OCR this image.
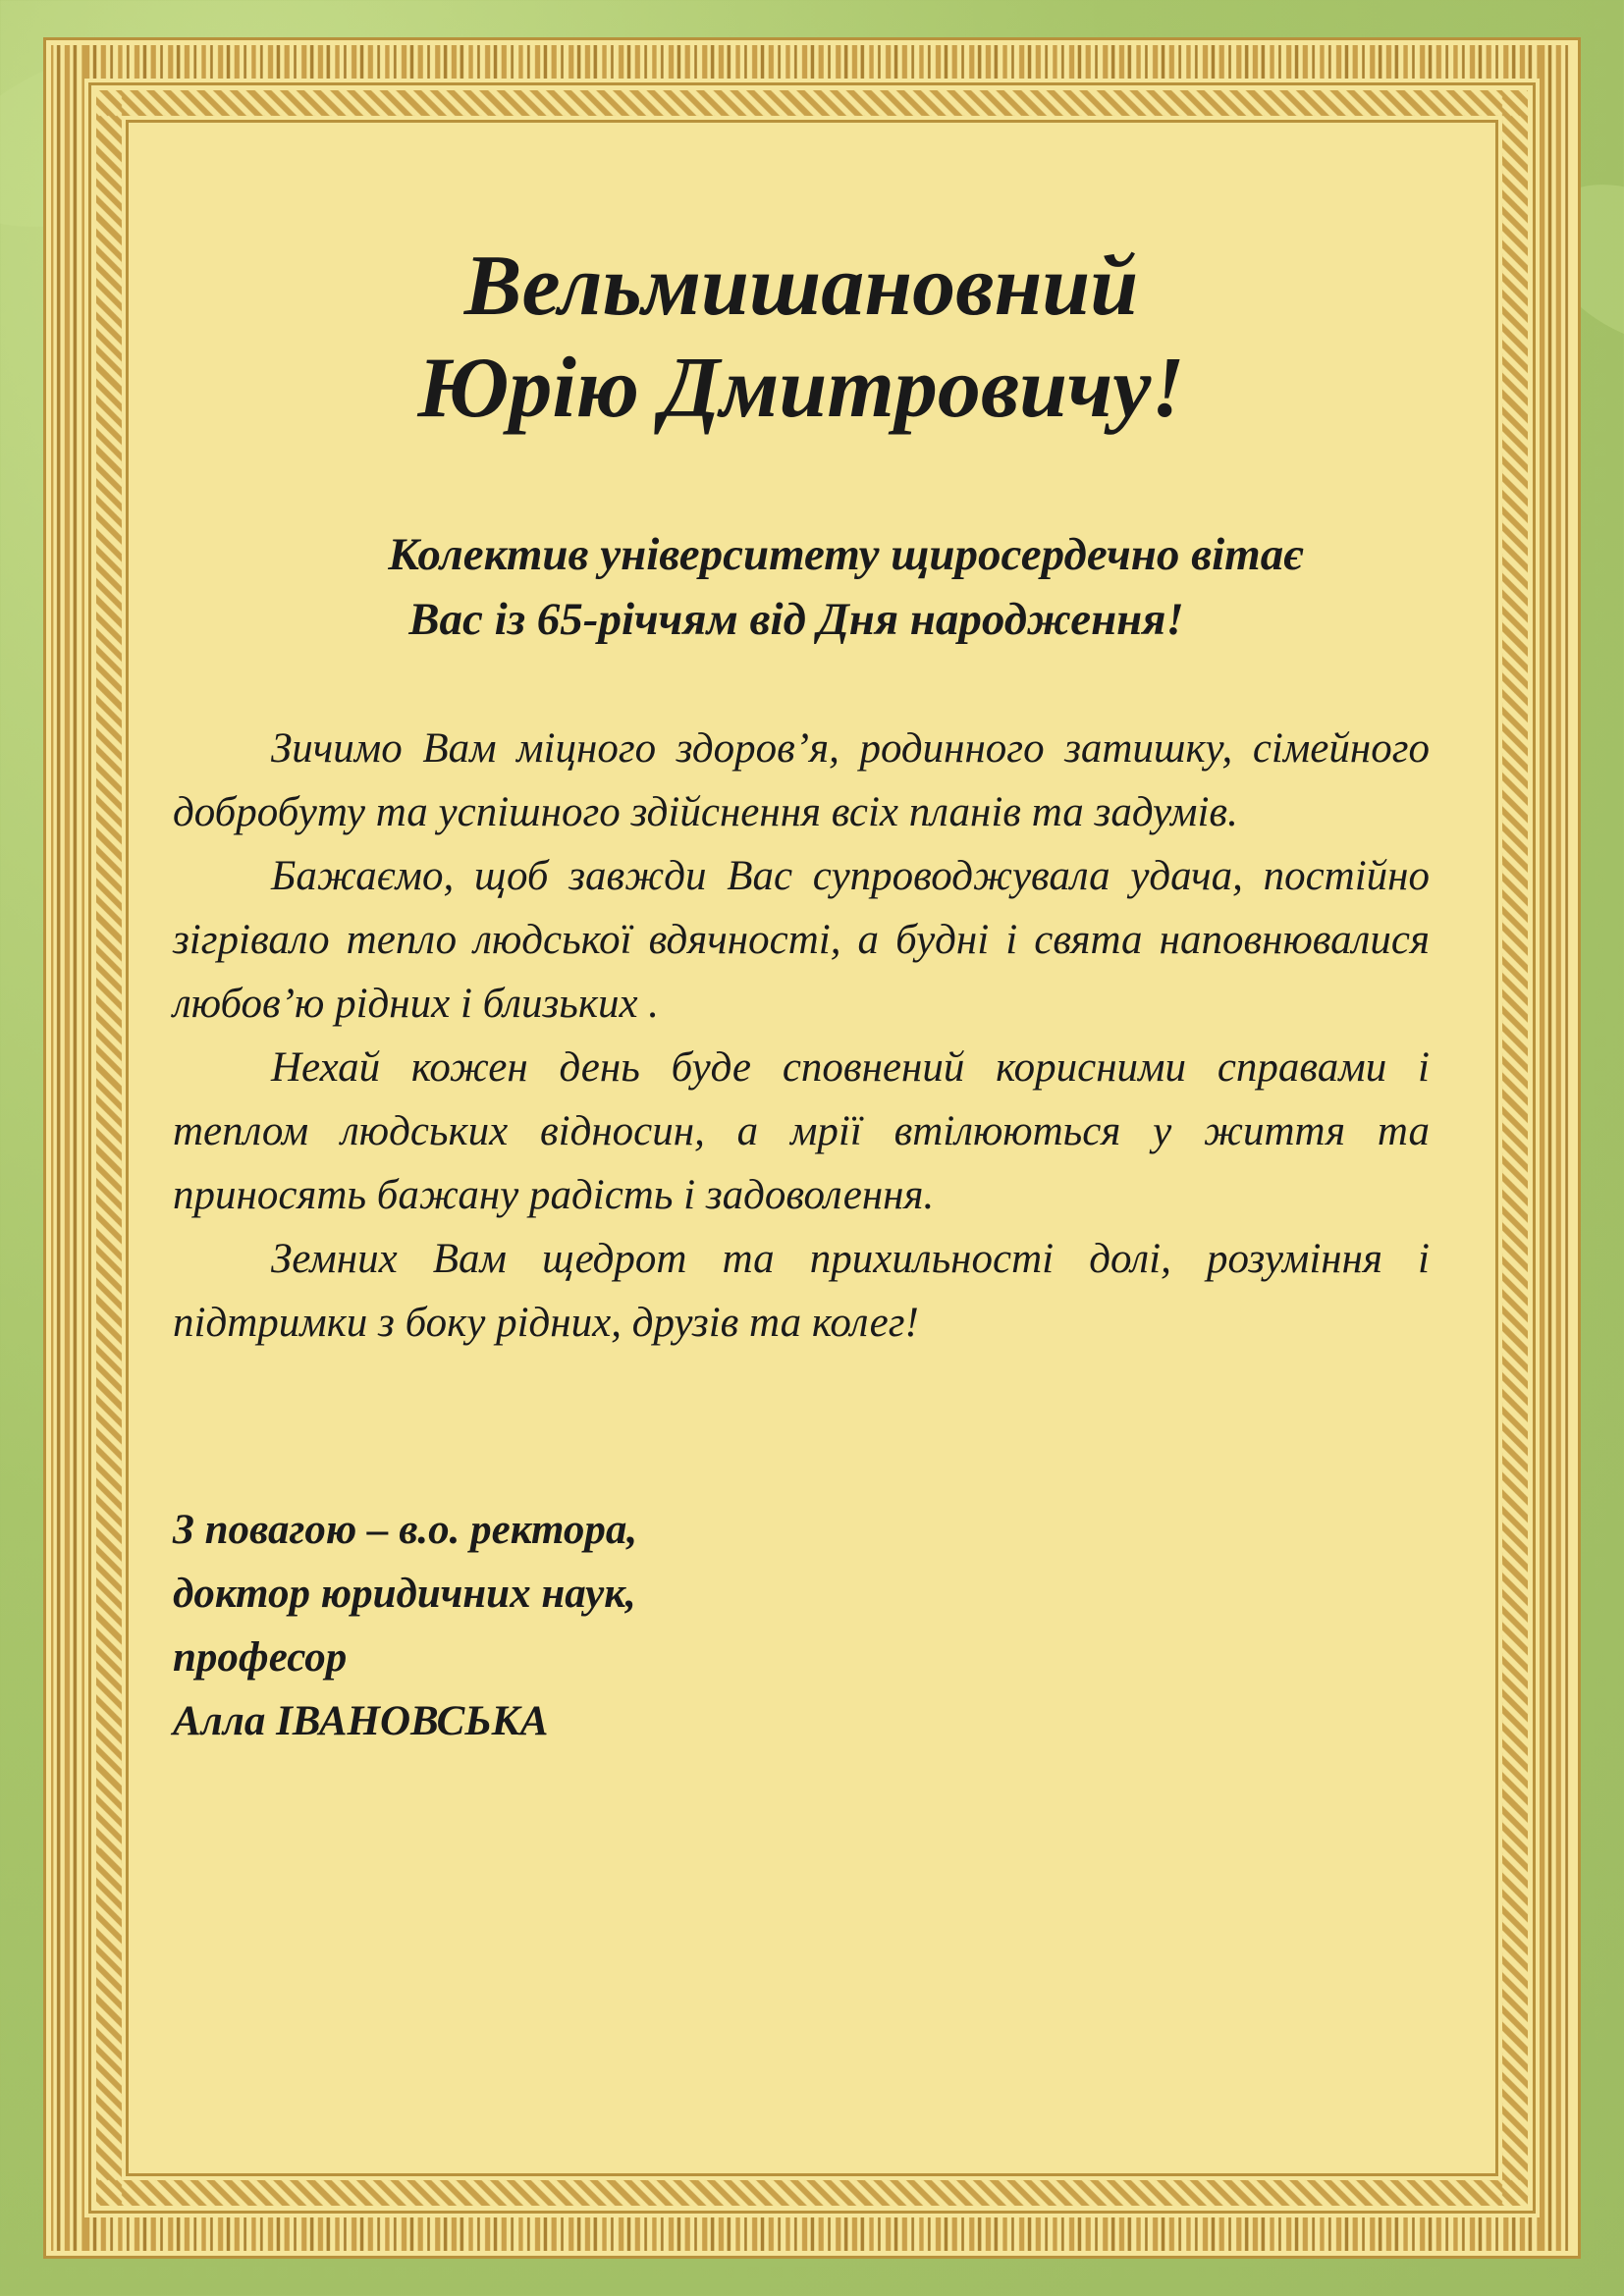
Вельмишановний
Юрію Дмитровичу!

Колектив університету щиросердечно вітає
Вас із 65-річчям від Дня народження!

Зичимо Вам міцного здоров’я, родинного затишку, сімейного добробуту та успішного здійснення всіх планів та задумів.

Бажаємо, щоб завжди Вас супроводжувала удача, постійно зігрівало тепло людської вдячності, а будні і свята наповнювалися любов’ю рідних і близьких .

Нехай кожен день буде сповнений корисними справами і теплом людських відносин, а мрії втілюються у життя та приносять бажану радість і задоволення.

Земних Вам щедрот та прихильності долі, розуміння і підтримки з боку рідних, друзів та колег!

З повагою – в.о. ректора,
доктор юридичних наук,
професор
Алла ІВАНОВСЬКА
